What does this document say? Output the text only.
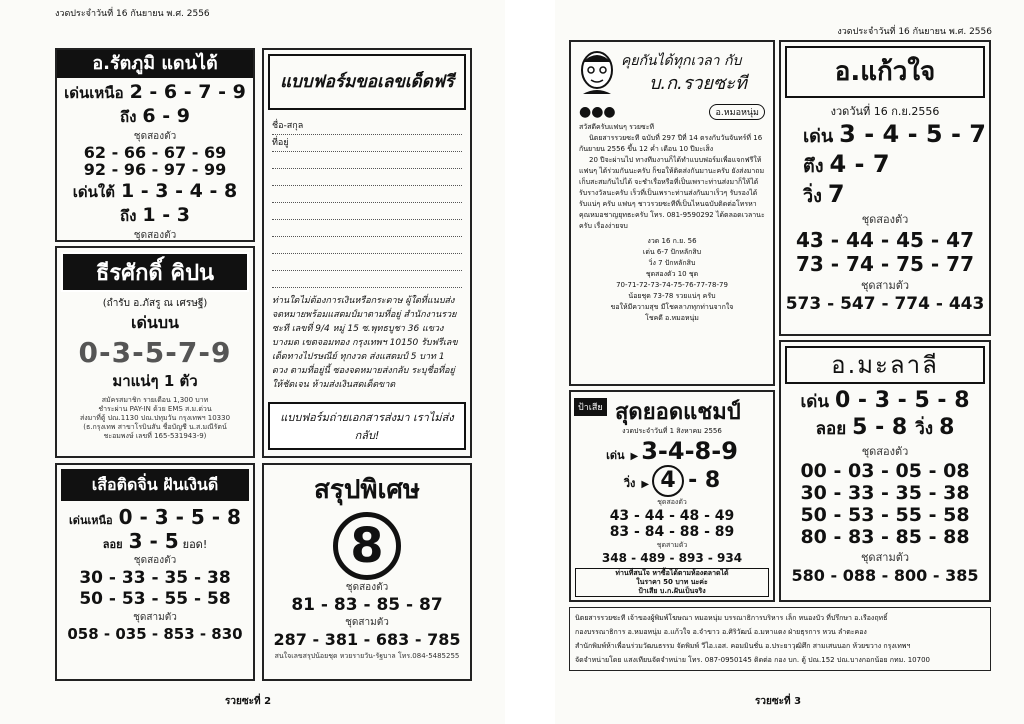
งวดประจำวันที่ 16 กันยายน พ.ศ. 2556
อ.รัตภูมิ แดนไต้
เด่นเหนือ 2 - 6 - 7 - 9
ถึง 6 - 9
ชุดสองตัว
62 - 66 - 67 - 69
92 - 96 - 97 - 99
เด่นใต้ 1 - 3 - 4 - 8
ถึง 1 - 3
ชุดสองตัว
แบบฟอร์มขอเลขเด็ดฟรี
ชื่อ-สกุล
ที่อยู่
ท่านใดไม่ต้องการเงินหรือกระดาษ ผู้ใดที่แนบส่งจดหมายพร้อมแสตมป์มาตามที่อยู่ สำนักงานรวยซะที เลขที่ 9/4 หมู่ 15 ซ.พุทธบูชา 36 แขวงบางมด เขตจอมทอง กรุงเทพฯ 10150 รับฟรีเลขเด็ดทางไปรษณีย์ ทุกงวด ส่งแสตมป์ 5 บาท 1 ดวง ตามที่อยู่นี้ ซองจดหมายส่งกลับ ระบุชื่อที่อยู่ให้ชัดเจน ห้ามส่งเงินสดเด็ดขาด
แบบฟอร์มถ่ายเอกสารส่งมา เราไม่ส่งกลับ!
ธีรศักดิ์ คิปน
(ถำรับ อ.ภัสรู ณ เศรษฐี)
เด่นบน
0-3-5-7-9
มาแน่ๆ 1 ตัว
สมัครสมาชิก รายเดือน 1,300 บาท
ชำระผ่าน PAY-IN ด้วย EMS ส.ม.ด่วน
ส่งมาที่ตู้ ปณ.1130 ปณ.ปทุมวัน กรุงเทพฯ 10330
(ธ.กรุงเทพ สาขาโรบินสัน ชื่อบัญชี น.ส.มณีรัตน์
ชะอมพงษ์ เลขที่ 165-531943-9)
เสือติดจิ่น ฝันเงินดี
เด่นเหนือ 0 - 3 - 5 - 8
ลอย 3 - 5 ยอด!
ชุดสองตัว
30 - 33 - 35 - 38
50 - 53 - 55 - 58
ชุดสามตัว
058 - 035 - 853 - 830
สรุปพิเศษ
8
ชุดสองตัว
81 - 83 - 85 - 87
ชุดสามตัว
287 - 381 - 683 - 785
สนใจเลขสรุปน้อยชุด หวยรายวัน-รัฐบาล โทร.084-5485255
รวยซะที่ 2
งวดประจำวันที่ 16 กันยายน พ.ศ. 2556
คุยกันได้ทุกเวลา กับ
บ.ก.รวยซะที
●●●	อ.หมอหนุ่ม
สวัสดีครับแฟนๆ รวยซะที
นิตยสารรวยซะที ฉบับที่ 297 ปีที่ 14 ตรงกับวันจันทร์ที่ 16 กันยายน 2556 ขึ้น 12 ค่ำ เดือน 10 ปีมะเส็ง
20 ปีจะผ่านไป ทางทีมงานก็ได้ทำแบบฟอร์มเพื่อแจกฟรีให้แฟนๆ ได้ร่วมกันนะครับ ก็ขอให้ติดส่งกันมานะครับ ยังส่งมาถมเก็บสะสมกันไปได้ จะชำเรื่อหรือที่เป็นเพราะท่านส่งมาก็ให้ได้รับรางวัลนะครับ เร็วที่เป็นเพราะท่านส่งกันมาเร็วๆ รับรองได้รับแน่ๆ ครับ แฟนๆ ชาวรวยซะทีที่เป็นไหนฉบับติดต่อโทรหาคุณหมอชาญยุทธะครับ โทร. 081-9590292 ได้ตลอดเวลานะครับ เรื่องง่ายจบ
งวด 16 ก.ย. 56
เด่น 6-7 ปักหลักสิบ
วิ่ง 7 ปักหลักสิบ
ชุดสองตัว 10 ชุด
70-71-72-73-74-75-76-77-78-79
น้อยชุด 73-78 รวยแน่ๆ ครับ
ขอให้มีความสุข มีโชคลาภทุกท่านจากใจ
โชคดี อ.หมอหนุ่ม
อ.แก้วใจ
งวดวันที่ 16 ก.ย.2556
เด่น 3 - 4 - 5 - 7
ตึง 4 - 7
วิ่ง 7
ชุดสองตัว
43 - 44 - 45 - 47
73 - 74 - 75 - 77
ชุดสามตัว
573 - 547 - 774 - 443
ป้าเสีย สุดยอดแชมป์
งวดประจำวันที่ 1 สิงหาคม 2556
เด่น ▶ 3-4-8-9
วิ่ง ▶ 4 - 8
ชุดสองตัว
43 - 44 - 48 - 49
83 - 84 - 88 - 89
ชุดสามตัว
348 - 489 - 893 - 934
ท่านที่สนใจ หาซื้อได้ตามห้องตลาดได้
ในราคา 50 บาท นะค่ะ
ป้าเสีย บ.ก.ฝันเป็นจริง
อ.มะลาลี
เด่น 0 - 3 - 5 - 8
ลอย 5 - 8 วิ่ง 8
ชุดสองตัว
00 - 03 - 05 - 08
30 - 33 - 35 - 38
50 - 53 - 55 - 58
80 - 83 - 85 - 88
ชุดสามตัว
580 - 088 - 800 - 385
นิตยสารรวยซะที เจ้าของผู้พิมพ์โฆษณา หมอหนุ่ม บรรณาธิการบริหาร เล็ก หนองบัว ที่ปรึกษา อ.เรืองฤทธิ์
กองบรรณาธิการ อ.หมอหนุ่ม อ.แก้วใจ อ.จำขาว อ.ศิริวัฒน์ อ.มหาแดง ฝ่ายธุรการ หวน ลำตะคอง
สำนักพิมพ์ห้าเพื่อนร่วมวัฒนธรรม จัดพิมพ์ วีไอ.เอส. คอมมินชั่น อ.ประยาวุฒิศึก สามเสนนอก ห้วยขวาง กรุงเทพฯ
จัดจำหน่ายโดย แสงเทียนจัดจำหน่าย โทร. 087-0950145 ติดต่อ กอง บก. ตู้ ปณ.152 ปณ.บางกอกน้อย กทม. 10700
รวยซะที่ 3
